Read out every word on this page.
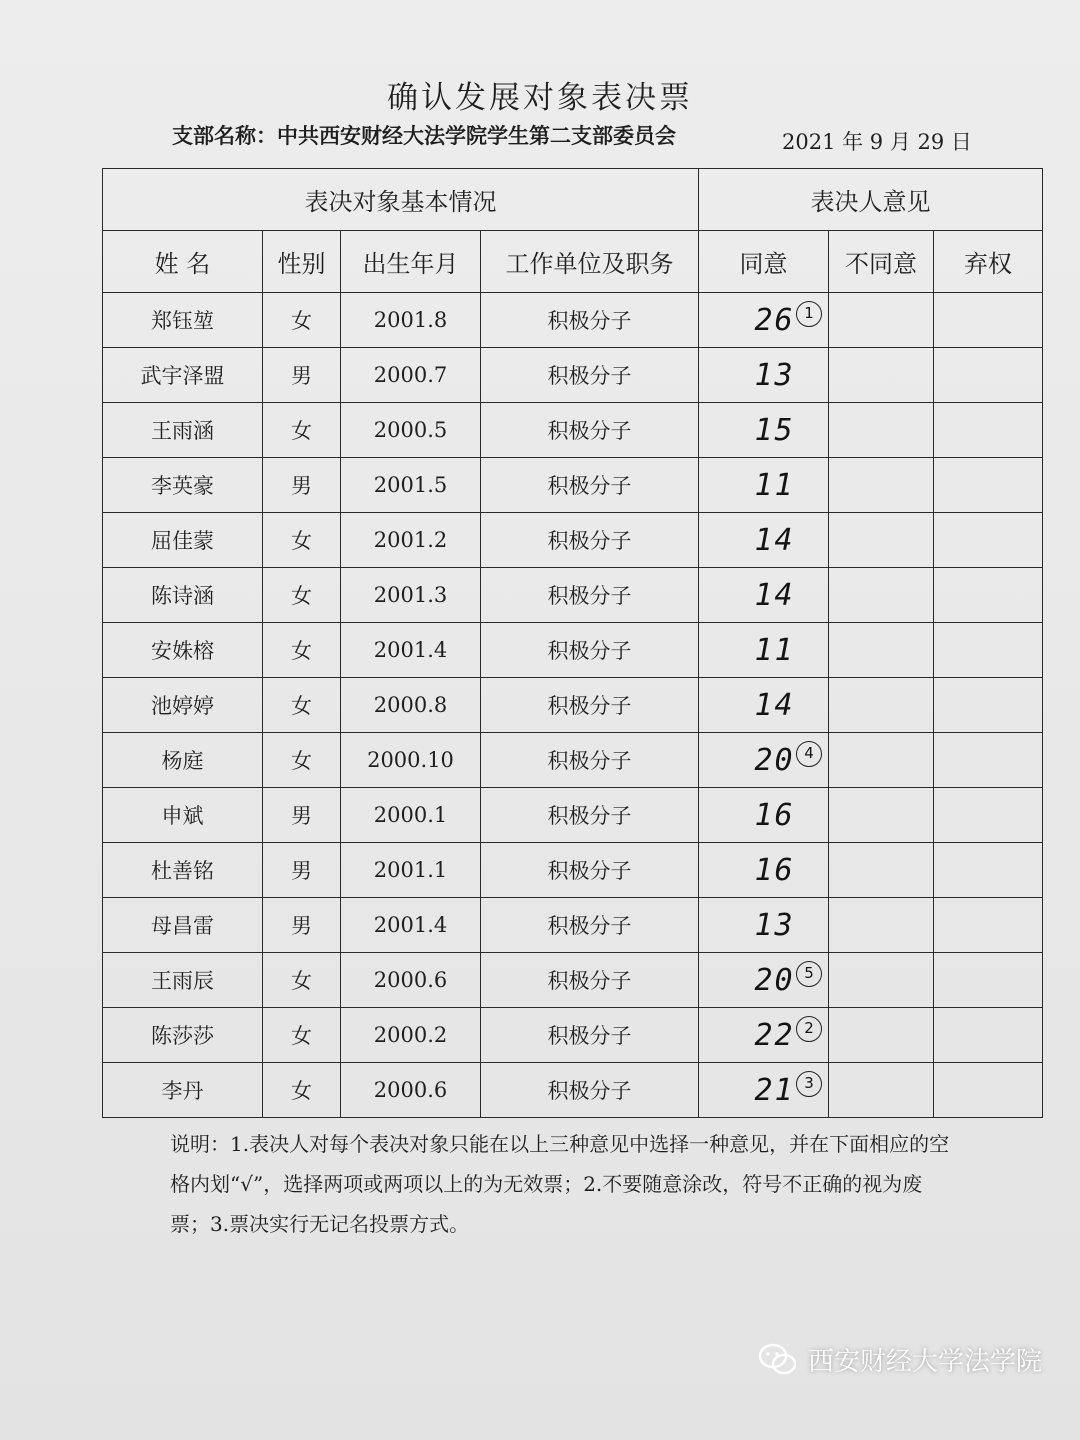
确认发展对象表决票
支部名称：中共西安财经大法学院学生第二支部委员会	2021 年 9 月 29 日
表决对象基本情况				表决人意见		
姓 名	性别	出生年月	工作单位及职务	同意	不同意	弃权
郑钰堃	女	2001.8	积极分子	26 1		

武宇泽盟	男	2000.7	积极分子	13		
王雨涵	女	2000.5	积极分子	15		
李英豪	男	2001.5	积极分子	11		
屈佳蒙	女	2001.2	积极分子	14		
陈诗涵	女	2001.3	积极分子	14		
安姝榕	女	2001.4	积极分子	11		
池婷婷	女	2000.8	积极分子	14		
杨庭	女	2000.10	积极分子	20 4		

申斌	男	2000.1	积极分子	16		
杜善铭	男	2001.1	积极分子	16		
母昌雷	男	2001.4	积极分子	13		
王雨辰	女	2000.6	积极分子	20 5		

陈莎莎	女	2000.2	积极分子	22 2		

李丹	女	2000.6	积极分子	21 3		

说明：1.表决人对每个表决对象只能在以上三种意见中选择一种意见，并在下面相应的空格内划“√”，选择两项或两项以上的为无效票；2.不要随意涂改，符号不正确的视为废票；3.票决实行无记名投票方式。
西安财经大学法学院
